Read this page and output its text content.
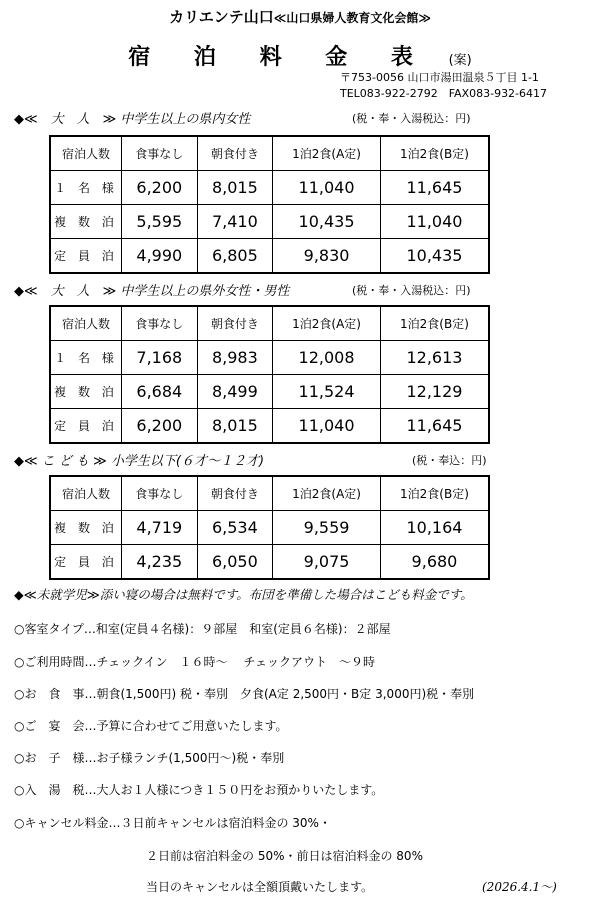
カリエンテ山口≪山口県婦人教育文化会館≫
宿 泊 料 金 表 (案)
〒753-0056 山口市湯田温泉５丁目 1-1
TEL083-922-2792　FAX083-932-6417
◆≪　大　人　≫ 中学生以上の県内女性	(税・奉・入湯税込：円)
宿泊人数	食事なし	朝食付き	1泊2食(A定)	1泊2食(B定)
１ 名 様	6,200	8,015	11,040	11,645
複 数 泊	5,595	7,410	10,435	11,040
定 員 泊	4,990	6,805	9,830	10,435
◆≪　大　人　≫ 中学生以上の県外女性・男性	(税・奉・入湯税込：円)
宿泊人数	食事なし	朝食付き	1泊2食(A定)	1泊2食(B定)
１ 名 様	7,168	8,983	12,008	12,613
複 数 泊	6,684	8,499	11,524	12,129
定 員 泊	6,200	8,015	11,040	11,645
◆≪ こ ど も ≫ 小学生以下(６才～１２才)	(税・奉込：円)
宿泊人数	食事なし	朝食付き	1泊2食(A定)	1泊2食(B定)
複 数 泊	4,719	6,534	9,559	10,164
定 員 泊	4,235	6,050	9,075	9,680
◆≪未就学児≫添い寝の場合は無料です。布団を準備した場合はこども料金です。
○客室タイプ…和室(定員４名様)：９部屋　和室(定員６名様)：２部屋
○ご利用時間…チェックイン　１６時～　 チェックアウト　～９時
○お　食　事…朝食(1,500円) 税・奉別　夕食(A定 2,500円・B定 3,000円)税・奉別
○ご　宴　会…予算に合わせてご用意いたします。
○お　子　様…お子様ランチ(1,500円～)税・奉別
○入　湯　税…大人お１人様につき１５０円をお預かりいたします。
○キャンセル料金…３日前キャンセルは宿泊料金の 30%・
２日前は宿泊料金の 50%・前日は宿泊料金の 80%
当日のキャンセルは全額頂戴いたします。	(2026.4.1～)
